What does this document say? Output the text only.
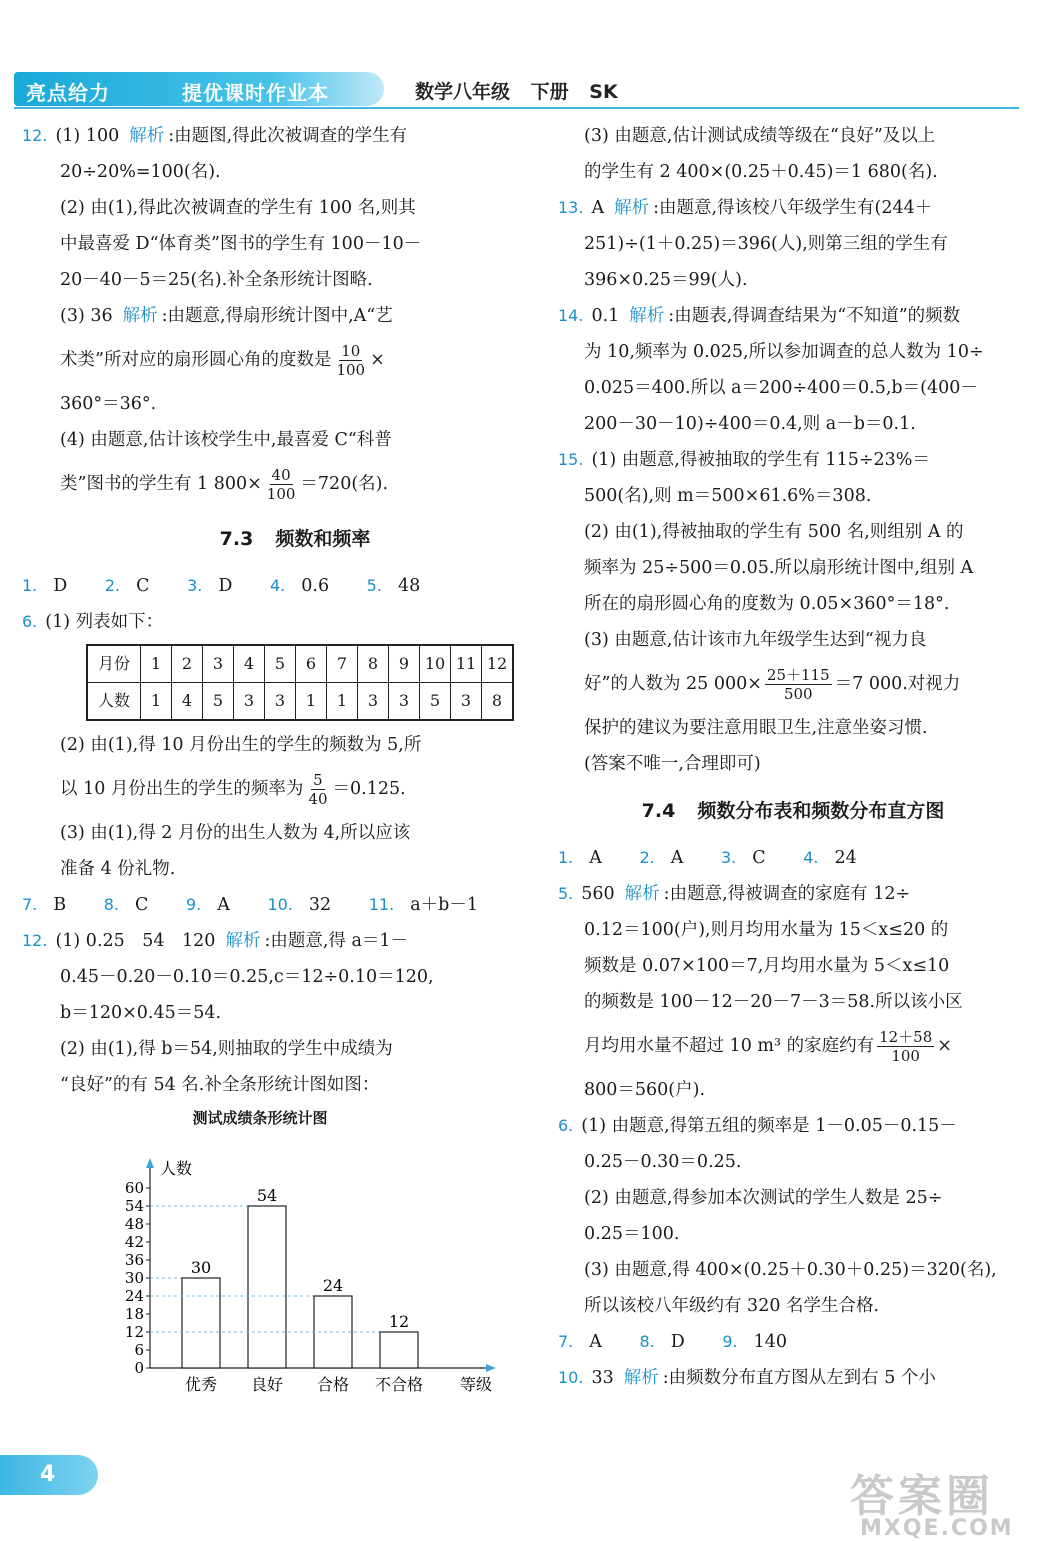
亮点给力	提优课时作业本	数学八年级 下册 SK

12. (1) 100 解析 :由题图,得此次被调查的学生有

20÷20%=100(名).

(2) 由(1),得此次被调查的学生有 100 名,则其

中最喜爱 D“体育类”图书的学生有 100－10－

20－40－5＝25(名).补全条形统计图略.

(3) 36 解析 :由题意,得扇形统计图中,A“艺

术类”所对应的扇形圆心角的度数是 $\frac{10}{100}$ ×

360°＝36°.

(4) 由题意,估计该校学生中,最喜爱 C“科普

类”图书的学生有 1 $800\times \frac{40}{100} =720$(名).

7.3 频数和频率

1. D 2. C 3. D 4. 0.6 5. 48

6. (1) 列表如下：

月份	1	2	3	4	5	6	7	8	9	10	11	12
人数	1	4	5	3	3	1	1	3	3	5	3	8

(2) 由(1),得 10 月份出生的学生的频数为 5,所

以 10 月份出生的学生的频率为 $\frac{5}{40} =0.125$.

(3) 由(1),得 2 月份的出生人数为 4,所以应该

准备 4 份礼物.

7. B 8. C 9. A 10. 32 11. a＋b－1

12. (1) 0.25　54　120 解析 :由题意,得 a＝1－

0.45－0.20－0.10＝0.25,c＝12÷0.10＝120,

b＝120×0.45＝54.

(2) 由(1),得 b＝54,则抽取的学生中成绩为

“良好”的有 54 名.补全条形统计图如图：

测试成绩条形统计图
人数
等级
0
6
12
18
24
30
36
42
48
54
60
30
优秀
54
良好
24
合格
12
不合格

(3) 由题意,估计测试成绩等级在“良好”及以上

的学生有 2 400×(0.25＋0.45)＝1 680(名).

13. A 解析 :由题意,得该校八年级学生有(244＋

251)÷(1＋0.25)＝396(人),则第三组的学生有

396×0.25＝99(人).

14. 0.1 解析 :由题表,得调查结果为“不知道”的频数

为 10,频率为 0.025,所以参加调查的总人数为 10÷

0.025＝400.所以 a＝200÷400＝0.5,b＝(400－

200－30－10)÷400＝0.4,则 a－b＝0.1.

15. (1) 由题意,得被抽取的学生有 115÷23%＝

500(名),则 m＝500×61.6%＝308.

(2) 由(1),得被抽取的学生有 500 名,则组别 A 的

频率为 25÷500＝0.05.所以扇形统计图中,组别 A

所在的扇形圆心角的度数为 0.05×360°＝18°.

(3) 由题意,估计该市九年级学生达到“视力良

好”的人数为 25 $000\times \frac{25+115}{500} =7$ 000.对视力

保护的建议为要注意用眼卫生,注意坐姿习惯.

(答案不唯一,合理即可)

7.4 频数分布表和频数分布直方图

1. A 2. A 3. C 4. 24

5. 560 解析 :由题意,得被调查的家庭有 12÷

0.12＝100(户),则月均用水量为 15＜x≤20 的

频数是 0.07×100＝7,月均用水量为 5＜x≤10

的频数是 100－12－20－7－3＝58.所以该小区

月均用水量不超过 10 m³ 的家庭约有 $\frac{12+58}{100}$ ×

800＝560(户).

6. (1) 由题意,得第五组的频率是 1－0.05－0.15－

0.25－0.30＝0.25.

(2) 由题意,得参加本次测试的学生人数是 25÷

0.25＝100.

(3) 由题意,得 400×(0.25＋0.30＋0.25)＝320(名),

所以该校八年级约有 320 名学生合格.

7. A 8. D 9. 140

10. 33 解析 :由频数分布直方图从左到右 5 个小

4	答案圈
MXQE.COM
